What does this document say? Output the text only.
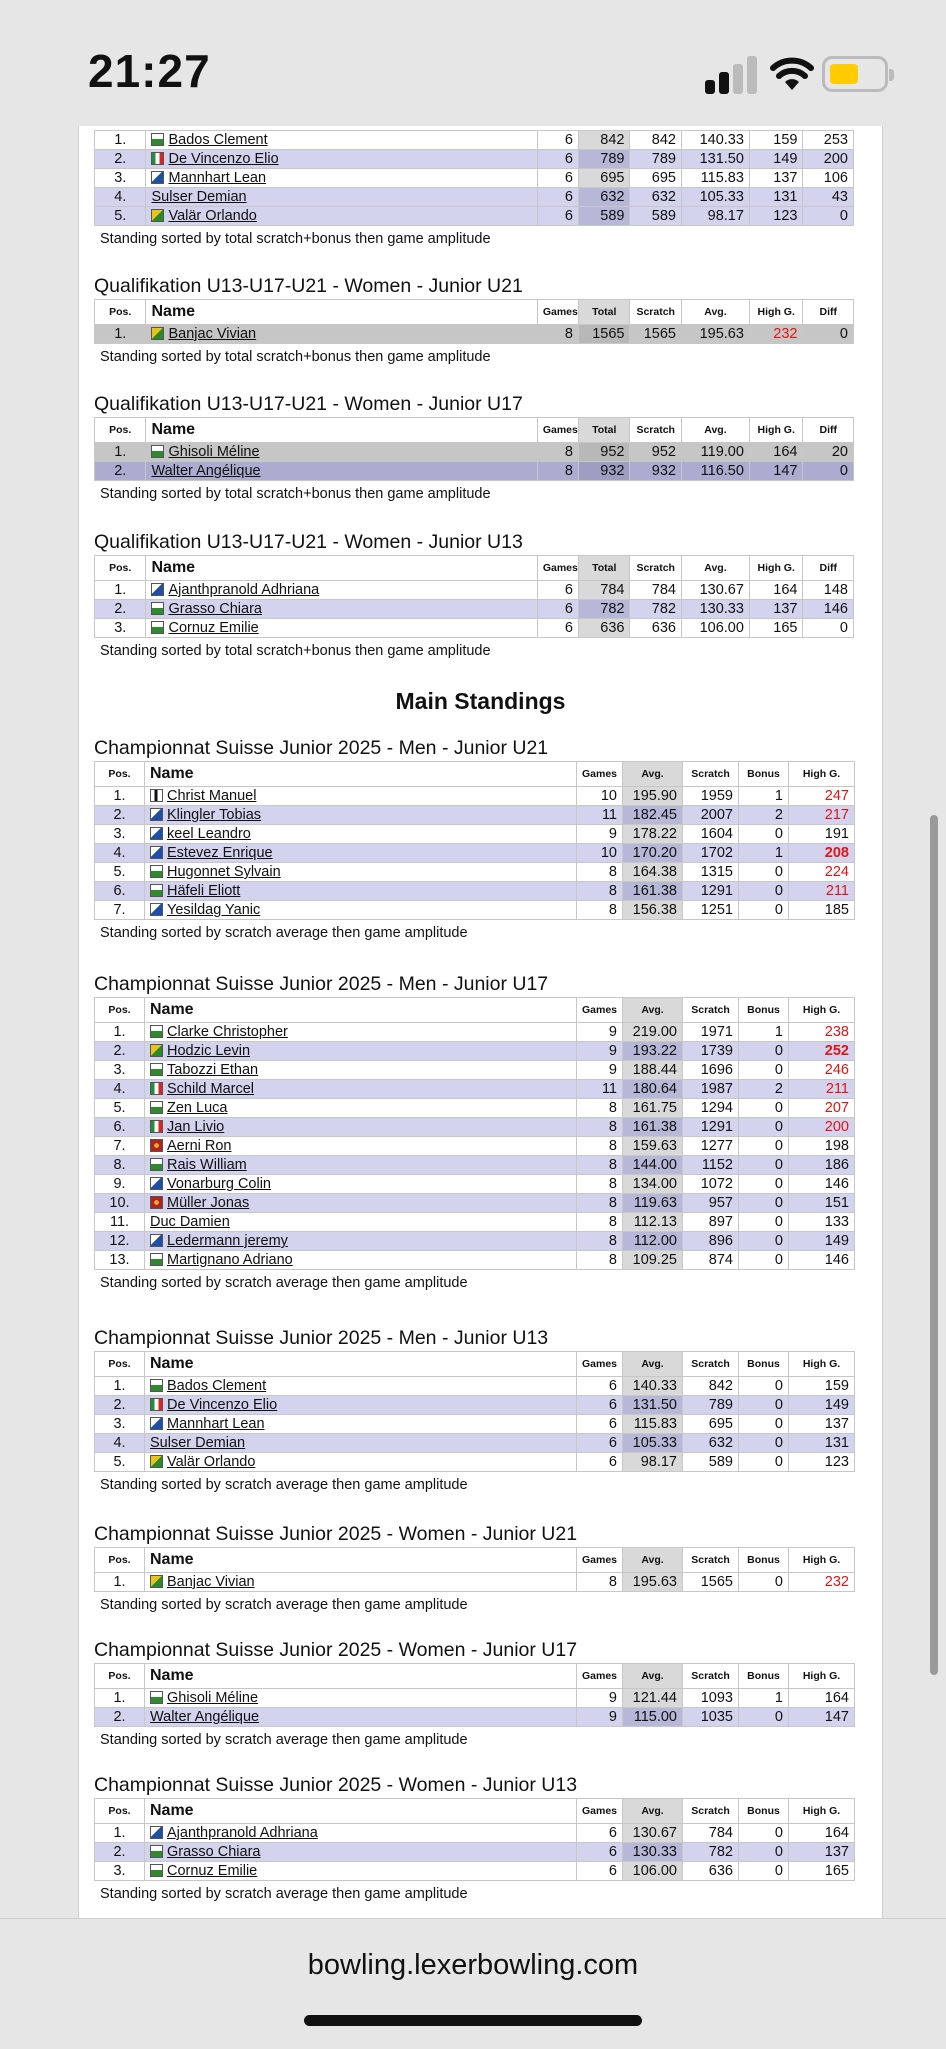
21:27
1.	Bados Clement	6	842	842	140.33	159	253
2.	De Vincenzo Elio	6	789	789	131.50	149	200
3.	Mannhart Lean	6	695	695	115.83	137	106
4.	Sulser Demian	6	632	632	105.33	131	43
5.	Valär Orlando	6	589	589	98.17	123	0
Standing sorted by total scratch+bonus then game amplitude
Qualifikation U13-U17-U21 - Women - Junior U21
Pos.	Name	Games	Total	Scratch	Avg.	High G.	Diff
1.	Banjac Vivian	8	1565	1565	195.63	232	0
Standing sorted by total scratch+bonus then game amplitude
Qualifikation U13-U17-U21 - Women - Junior U17
Pos.	Name	Games	Total	Scratch	Avg.	High G.	Diff
1.	Ghisoli Méline	8	952	952	119.00	164	20
2.	Walter Angélique	8	932	932	116.50	147	0
Standing sorted by total scratch+bonus then game amplitude
Qualifikation U13-U17-U21 - Women - Junior U13
Pos.	Name	Games	Total	Scratch	Avg.	High G.	Diff
1.	Ajanthpranold Adhriana	6	784	784	130.67	164	148
2.	Grasso Chiara	6	782	782	130.33	137	146
3.	Cornuz Emilie	6	636	636	106.00	165	0
Standing sorted by total scratch+bonus then game amplitude
Main Standings
Championnat Suisse Junior 2025 - Men - Junior U21
Pos.	Name	Games	Avg.	Scratch	Bonus	High G.
1.	Christ Manuel	10	195.90	1959	1	247
2.	Klingler Tobias	11	182.45	2007	2	217
3.	keel Leandro	9	178.22	1604	0	191
4.	Estevez Enrique	10	170.20	1702	1	208
5.	Hugonnet Sylvain	8	164.38	1315	0	224
6.	Häfeli Eliott	8	161.38	1291	0	211
7.	Yesildag Yanic	8	156.38	1251	0	185
Standing sorted by scratch average then game amplitude
Championnat Suisse Junior 2025 - Men - Junior U17
Pos.	Name	Games	Avg.	Scratch	Bonus	High G.
1.	Clarke Christopher	9	219.00	1971	1	238
2.	Hodzic Levin	9	193.22	1739	0	252
3.	Tabozzi Ethan	9	188.44	1696	0	246
4.	Schild Marcel	11	180.64	1987	2	211
5.	Zen Luca	8	161.75	1294	0	207
6.	Jan Livio	8	161.38	1291	0	200
7.	Aerni Ron	8	159.63	1277	0	198
8.	Rais William	8	144.00	1152	0	186
9.	Vonarburg Colin	8	134.00	1072	0	146
10.	Müller Jonas	8	119.63	957	0	151
11.	Duc Damien	8	112.13	897	0	133
12.	Ledermann jeremy	8	112.00	896	0	149
13.	Martignano Adriano	8	109.25	874	0	146
Standing sorted by scratch average then game amplitude
Championnat Suisse Junior 2025 - Men - Junior U13
Pos.	Name	Games	Avg.	Scratch	Bonus	High G.
1.	Bados Clement	6	140.33	842	0	159
2.	De Vincenzo Elio	6	131.50	789	0	149
3.	Mannhart Lean	6	115.83	695	0	137
4.	Sulser Demian	6	105.33	632	0	131
5.	Valär Orlando	6	98.17	589	0	123
Standing sorted by scratch average then game amplitude
Championnat Suisse Junior 2025 - Women - Junior U21
Pos.	Name	Games	Avg.	Scratch	Bonus	High G.
1.	Banjac Vivian	8	195.63	1565	0	232
Standing sorted by scratch average then game amplitude
Championnat Suisse Junior 2025 - Women - Junior U17
Pos.	Name	Games	Avg.	Scratch	Bonus	High G.
1.	Ghisoli Méline	9	121.44	1093	1	164
2.	Walter Angélique	9	115.00	1035	0	147
Standing sorted by scratch average then game amplitude
Championnat Suisse Junior 2025 - Women - Junior U13
Pos.	Name	Games	Avg.	Scratch	Bonus	High G.
1.	Ajanthpranold Adhriana	6	130.67	784	0	164
2.	Grasso Chiara	6	130.33	782	0	137
3.	Cornuz Emilie	6	106.00	636	0	165
Standing sorted by scratch average then game amplitude
bowling.lexerbowling.com
